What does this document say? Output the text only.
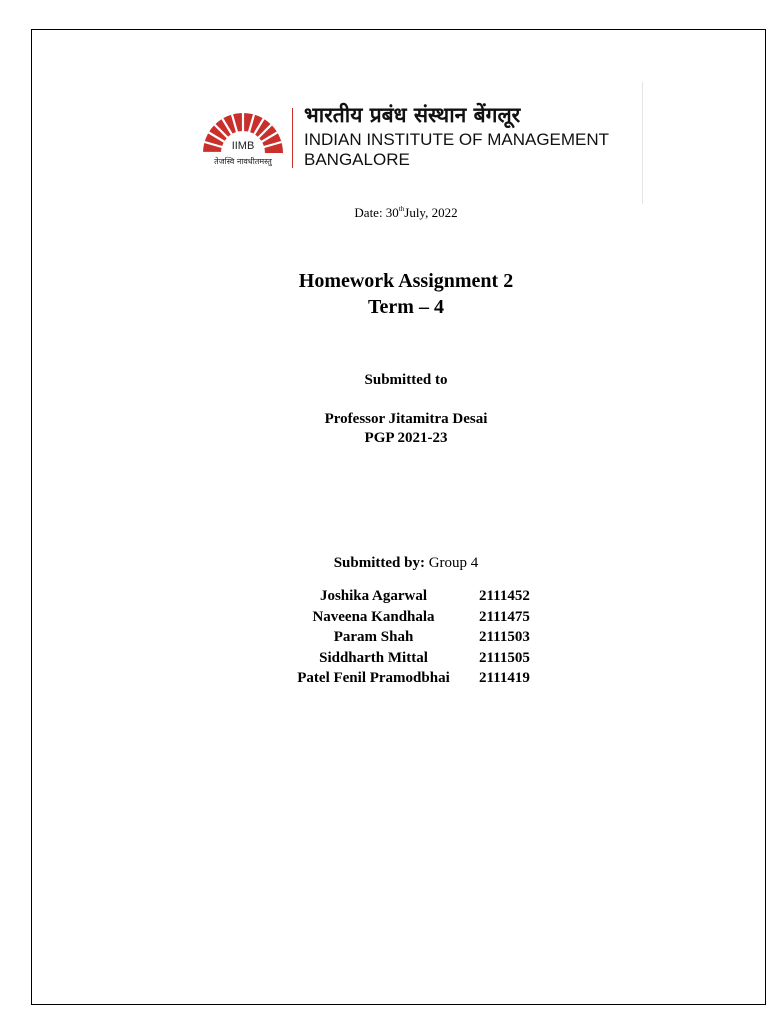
IIMB
तेजस्वि नावधीतमस्तु
भारतीय प्रबंध संस्थान बेंगलूर
INDIAN INSTITUTE OF MANAGEMENT
BANGALORE
Date: 30thJuly, 2022
Homework Assignment 2
Term – 4
Submitted to
Professor Jitamitra Desai
PGP 2021-23
Submitted by: Group 4
Joshika Agarwal	2111452
Naveena Kandhala	2111475
Param Shah	2111503
Siddharth Mittal	2111505
Patel Fenil Pramodbhai	2111419
